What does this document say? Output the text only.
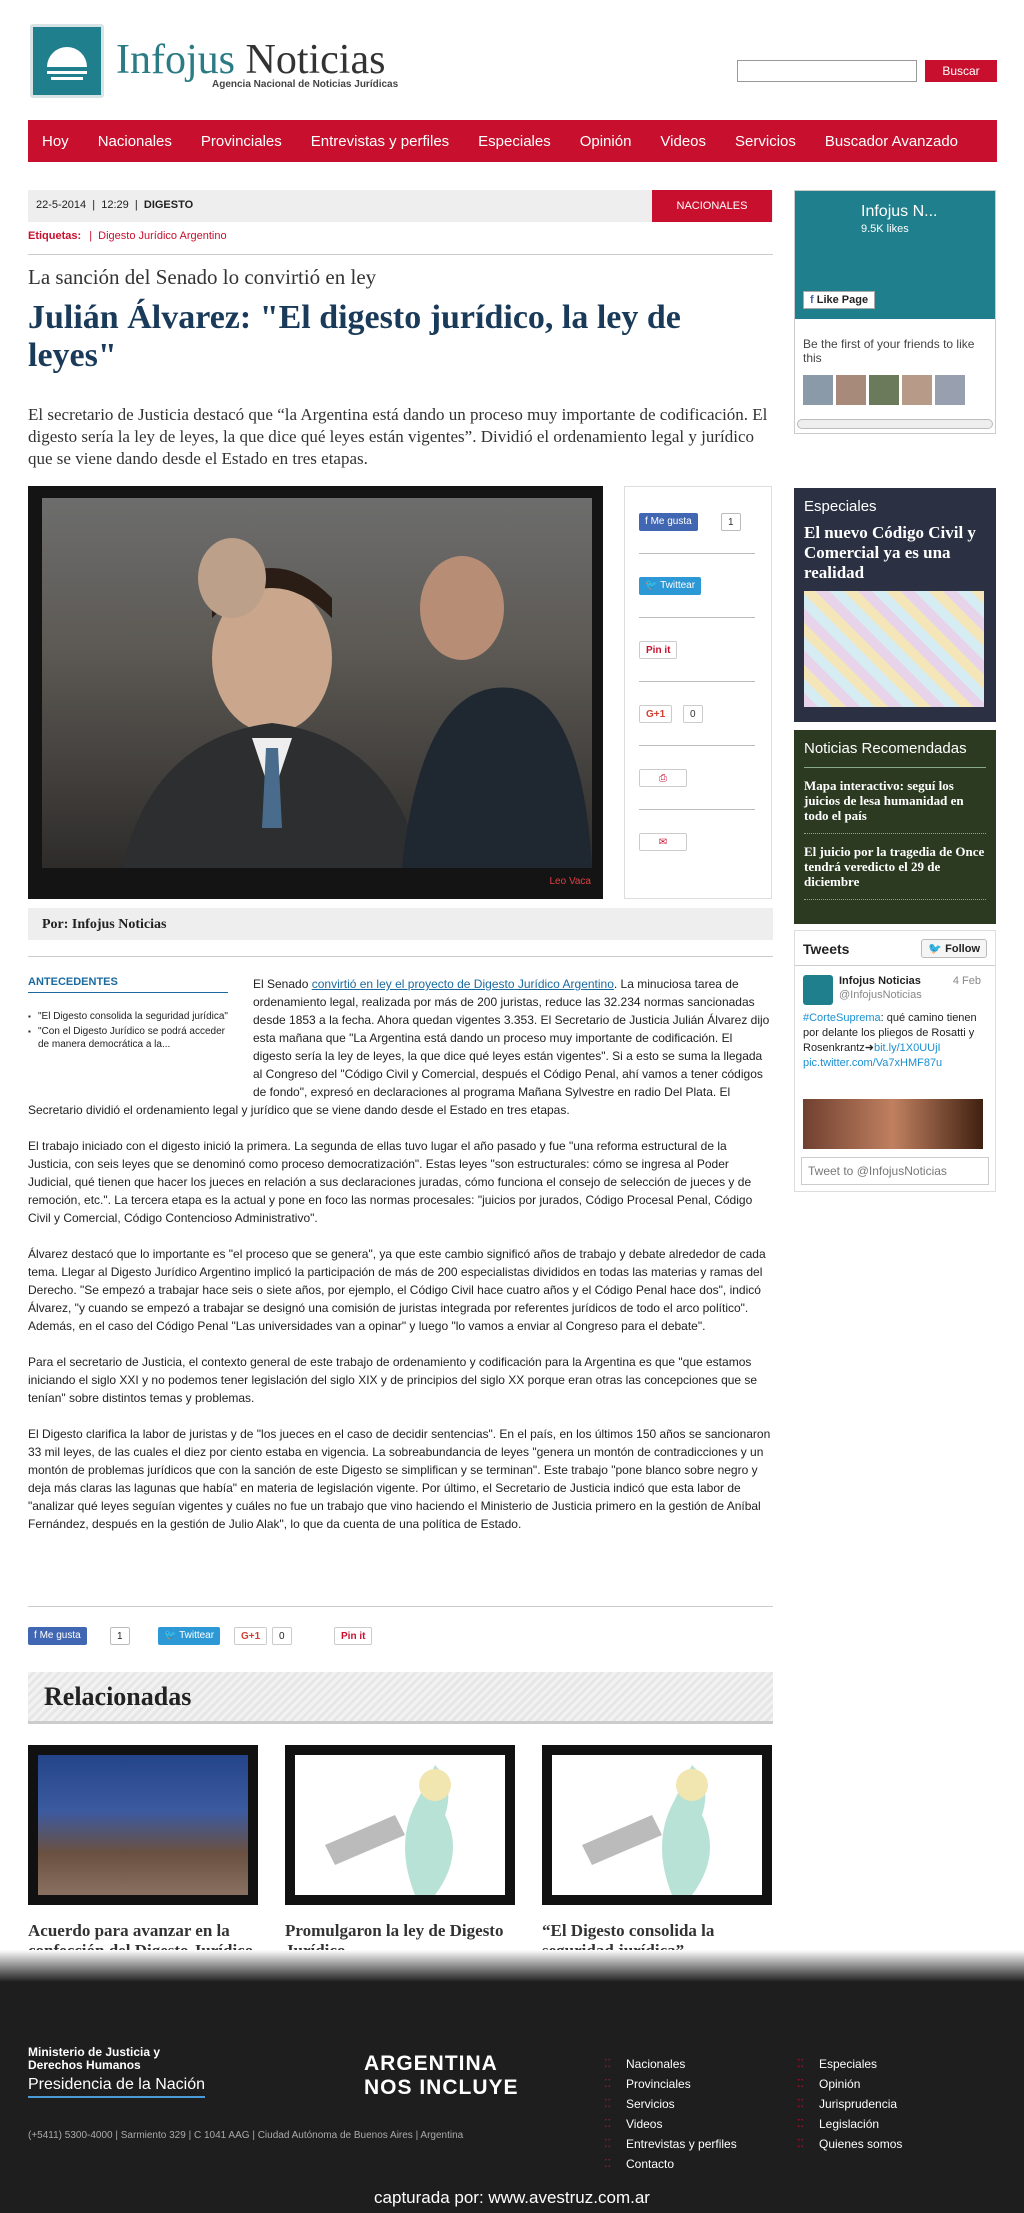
Infojus Noticias
Agencia Nacional de Noticias Jurídicas
Buscar
Hoy Nacionales Provinciales Entrevistas y perfiles Especiales Opinión Videos Servicios Buscador Avanzado
22-5-2014  |  12:29  |  DIGESTO	NACIONALES
Etiquetas: |  Digesto Jurídico Argentino
La sanción del Senado lo convirtió en ley
Julián Álvarez: "El digesto jurídico, la ley de leyes"
El secretario de Justicia destacó que “la Argentina está dando un proceso muy importante de codificación. El digesto sería la ley de leyes, la que dice qué leyes están vigentes”. Dividió el ordenamiento legal y jurídico que se viene dando desde el Estado en tres etapas.
Leo Vaca
f Me gusta	1
🐦 Twittear
Pin it
G+1	0
⎙
✉
Por: Infojus Noticias

El Senado convirtió en ley el proyecto de Digesto Jurídico Argentino. La minuciosa tarea de ordenamiento legal, realizada por más de 200 juristas, reduce las 32.234 normas sancionadas desde 1853 a la fecha. Ahora quedan vigentes 3.353. El Secretario de Justicia Julián Álvarez dijo esta mañana que "La Argentina está dando un proceso muy importante de codificación. El digesto sería la ley de leyes, la que dice qué leyes están vigentes". Si a esto se suma la llegada al Congreso del "Código Civil y Comercial, después el Código Penal, ahí vamos a tener códigos de fondo", expresó en declaraciones al programa Mañana Sylvestre en radio Del Plata. El Secretario dividió el ordenamiento legal y jurídico que se viene dando desde el Estado en tres etapas.

El trabajo iniciado con el digesto inició la primera. La segunda de ellas tuvo lugar el año pasado y fue "una reforma estructural de la Justicia, con seis leyes que se denominó como proceso democratización". Estas leyes "son estructurales: cómo se ingresa al Poder Judicial, qué tienen que hacer los jueces en relación a sus declaraciones juradas, cómo funciona el consejo de selección de jueces y de remoción, etc.". La tercera etapa es la actual y pone en foco las normas procesales: "juicios por jurados, Código Procesal Penal, Código Civil y Comercial, Código Contencioso Administrativo".

Álvarez destacó que lo importante es "el proceso que se genera", ya que este cambio significó años de trabajo y debate alrededor de cada tema. Llegar al Digesto Jurídico Argentino implicó la participación de más de 200 especialistas divididos en todas las materias y ramas del Derecho. "Se empezó a trabajar hace seis o siete años, por ejemplo, el Código Civil hace cuatro años y el Código Penal hace dos", indicó Álvarez, "y cuando se empezó a trabajar se designó una comisión de juristas integrada por referentes jurídicos de todo el arco político". Además, en el caso del Código Penal "Las universidades van a opinar" y luego "lo vamos a enviar al Congreso para el debate".

Para el secretario de Justicia, el contexto general de este trabajo de ordenamiento y codificación para la Argentina es que "que estamos iniciando el siglo XXI y no podemos tener legislación del siglo XIX y de principios del siglo XX porque eran otras las concepciones que se tenían" sobre distintos temas y problemas.

El Digesto clarifica la labor de juristas y de "los jueces en el caso de decidir sentencias". En el país, en los últimos 150 años se sancionaron 33 mil leyes, de las cuales el diez por ciento estaba en vigencia. La sobreabundancia de leyes "genera un montón de contradicciones y un montón de problemas jurídicos que con la sanción de este Digesto se simplifican y se terminan". Este trabajo "pone blanco sobre negro y deja más claras las lagunas que había" en materia de legislación vigente. Por último, el Secretario de Justicia indicó que esta labor de "analizar qué leyes seguían vigentes y cuáles no fue un trabajo que vino haciendo el Ministerio de Justicia primero en la gestión de Aníbal Fernández, después en la gestión de Julio Alak", lo que da cuenta de una política de Estado.

ANTECEDENTES
▪ "El Digesto consolida la seguridad jurídica"
▪ "Con el Digesto Jurídico se podrá acceder de manera democrática a la...
f Me gusta	1	🐦 Twittear	G+1	0	Pin it
Relacionadas
Acuerdo para avanzar en la	Promulgaron la ley de Digesto	“El Digesto consolida la
Infojus N...
9.5K likes
f Like Page
Be the first of your friends to like this
Especiales
El nuevo Código Civil y Comercial ya es una realidad
Noticias Recomendadas
Mapa interactivo: seguí los juicios de lesa humanidad en todo el país
El juicio por la tragedia de Once tendrá veredicto el 29 de diciembre
Tweets	🐦 Follow
Infojus Noticias
@InfojusNoticias
4 Feb
#CorteSuprema: qué camino tienen por delante los pliegos de Rosatti y Rosenkrantz➜bit.ly/1X0UUjI pic.twitter.com/Va7xHMF87u
Tweet to @InfojusNoticias
Ministerio de Justicia y Derechos Humanos
Presidencia de la Nación
ARGENTINA
NOS INCLUYE
(+5411) 5300-4000 | Sarmiento 329 | C 1041 AAG | Ciudad Autónoma de Buenos Aires | Argentina
⁚⁚ Nacionales
⁚⁚ Provinciales
⁚⁚ Servicios
⁚⁚ Videos
⁚⁚ Entrevistas y perfiles
⁚⁚ Contacto
⁚⁚ Especiales
⁚⁚ Opinión
⁚⁚ Jurisprudencia
⁚⁚ Legislación
⁚⁚ Quienes somos
capturada por: www.avestruz.com.ar
